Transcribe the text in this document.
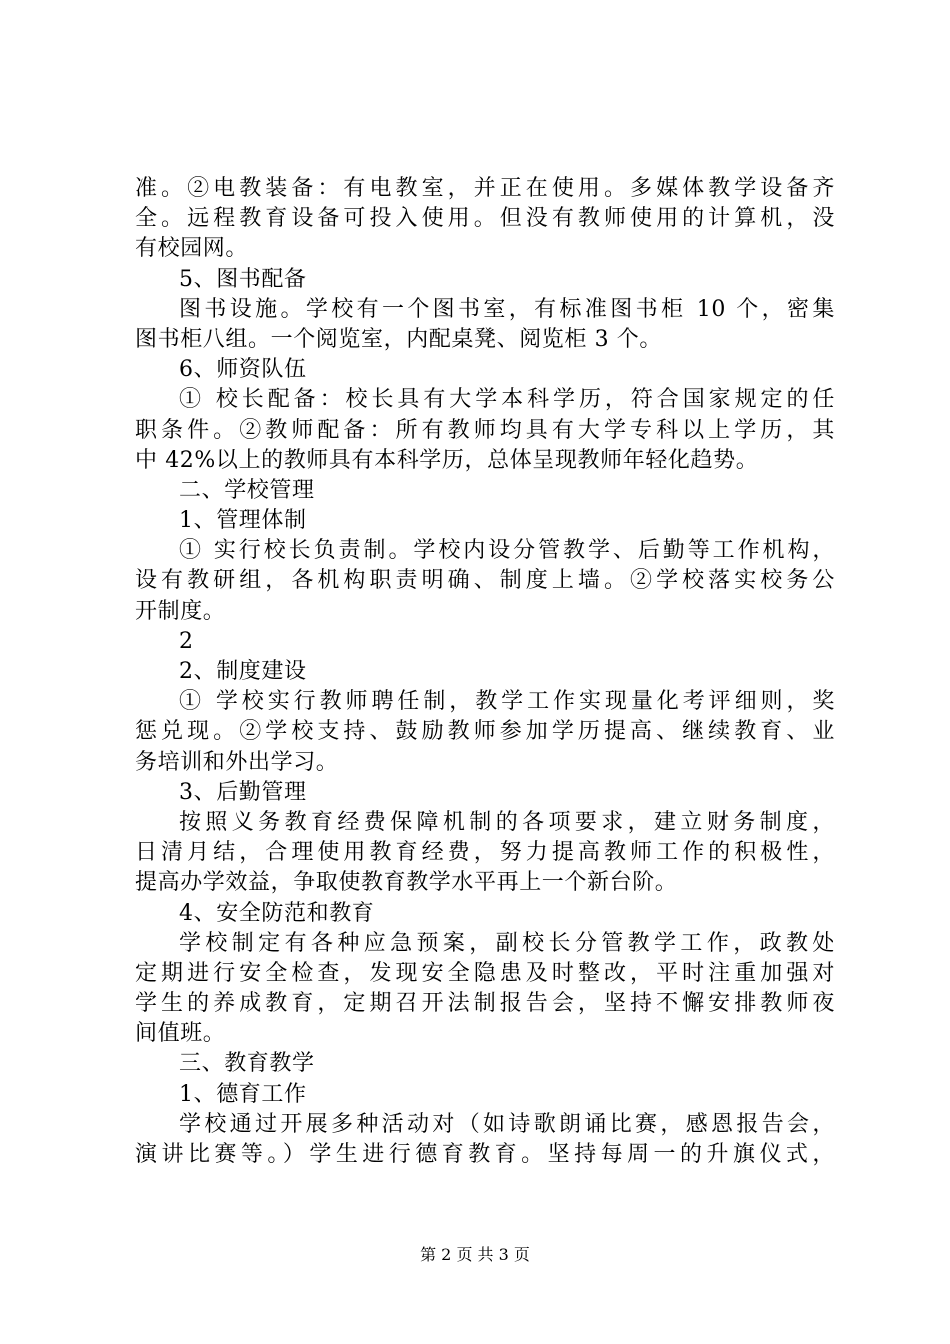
准。②电教装备：有电教室，并正在使用。多媒体教学设备齐
全。远程教育设备可投入使用。但没有教师使用的计算机，没
有校园网。
5、图书配备
图书设施。学校有一个图书室，有标准图书柜 10 个，密集
图书柜八组。一个阅览室，内配桌凳、阅览柜 3 个。
6、师资队伍
① 校长配备：校长具有大学本科学历，符合国家规定的任
职条件。②教师配备：所有教师均具有大学专科以上学历，其
中 42%以上的教师具有本科学历，总体呈现教师年轻化趋势。
二、学校管理
1、管理体制
① 实行校长负责制。学校内设分管教学、后勤等工作机构，
设有教研组，各机构职责明确、制度上墙。②学校落实校务公
开制度。
2
2、制度建设
① 学校实行教师聘任制，教学工作实现量化考评细则，奖
惩兑现。②学校支持、鼓励教师参加学历提高、继续教育、业
务培训和外出学习。
3、后勤管理
按照义务教育经费保障机制的各项要求，建立财务制度，
日清月结，合理使用教育经费，努力提高教师工作的积极性，
提高办学效益，争取使教育教学水平再上一个新台阶。
4、安全防范和教育
学校制定有各种应急预案，副校长分管教学工作，政教处
定期进行安全检查，发现安全隐患及时整改，平时注重加强对
学生的养成教育，定期召开法制报告会，坚持不懈安排教师夜
间值班。
三、教育教学
1、德育工作
学校通过开展多种活动对（如诗歌朗诵比赛，感恩报告会，
演讲比赛等。）学生进行德育教育。坚持每周一的升旗仪式，
第 2 页 共 3 页
